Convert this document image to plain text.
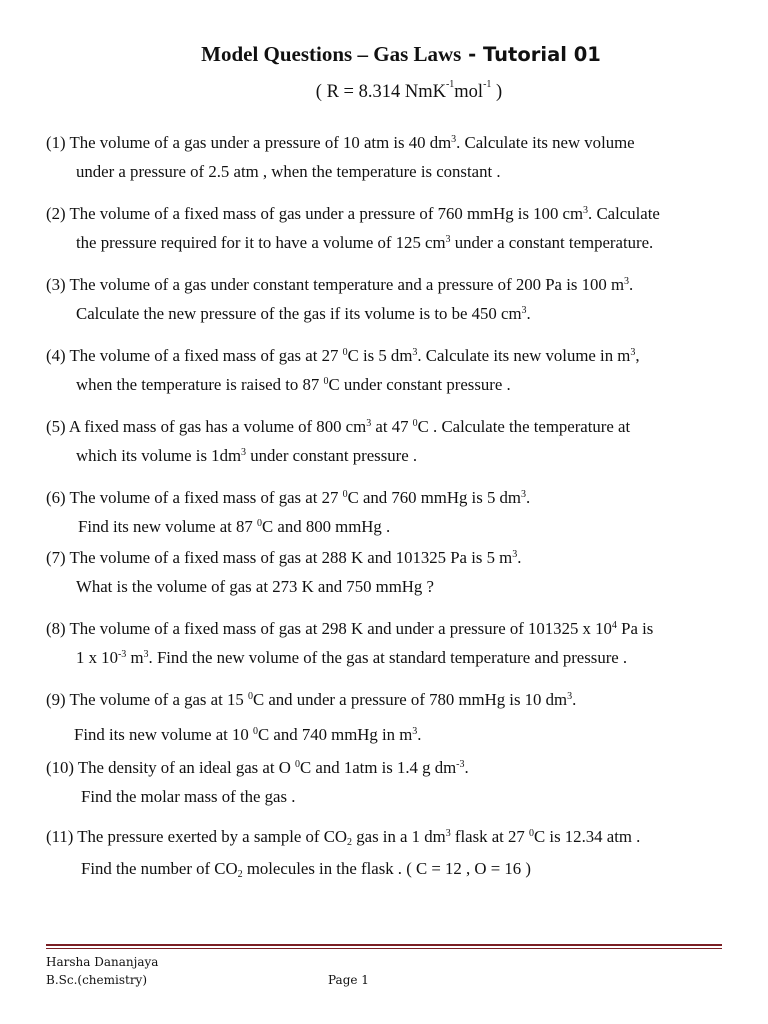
Model Questions – Gas Laws - Tutorial 01
( R = 8.314 NmK$^{-1}$mol$^{-1}$ )
(1) The volume of a gas under a pressure of 10 atm is 40 $dm^3$. Calculate its new volume
under a pressure of 2.5 atm , when the temperature is constant .
(2) The volume of a fixed mass of gas under a pressure of 760 mmHg is 100 $cm^3$. Calculate
the pressure required for it to have a volume of 125 $cm^3$ under a constant temperature.
(3) The volume of a gas under constant temperature and a pressure of 200 Pa is 100 $m^3$.
Calculate the new pressure of the gas if its volume is to be 450 $cm^3$.
(4) The volume of a fixed mass of gas at 27 $^0$C is 5 $dm^3$. Calculate its new volume in $m^3$,
when the temperature is raised to 87 $^0$C under constant pressure .
(5) A fixed mass of gas has a volume of 800 $cm^3$ at 47 $^0$C . Calculate the temperature at
which its volume is $1dm^3$ under constant pressure .
(6) The volume of a fixed mass of gas at 27 $^0$C and 760 mmHg is 5 $dm^3$.
Find its new volume at 87 $^0$C and 800 mmHg .
(7) The volume of a fixed mass of gas at 288 K and 101325 Pa is 5 $m^3$.
What is the volume of gas at 273 K and 750 mmHg ?
(8) The volume of a fixed mass of gas at 298 K and under a pressure of 101325 x $10^4$ Pa is
1 x $10^{-3}$ $m^3$. Find the new volume of the gas at standard temperature and pressure .
(9) The volume of a gas at 15 $^0$C and under a pressure of 780 mmHg is 10 $dm^3$.
Find its new volume at 10 $^0$C and 740 mmHg in $m^3$.
(10) The density of an ideal gas at O $^0$C and 1atm is 1.4 g $dm^{-3}$.
Find the molar mass of the gas .
(11) The pressure exerted by a sample of $CO_2$ gas in a 1 $dm^3$ flask at 27 $^0$C is 12.34 atm .
Find the number of $CO_2$ molecules in the flask . ( C = 12 , O = 16 )
Harsha Dananjaya
B.Sc.(chemistry)	Page 1
